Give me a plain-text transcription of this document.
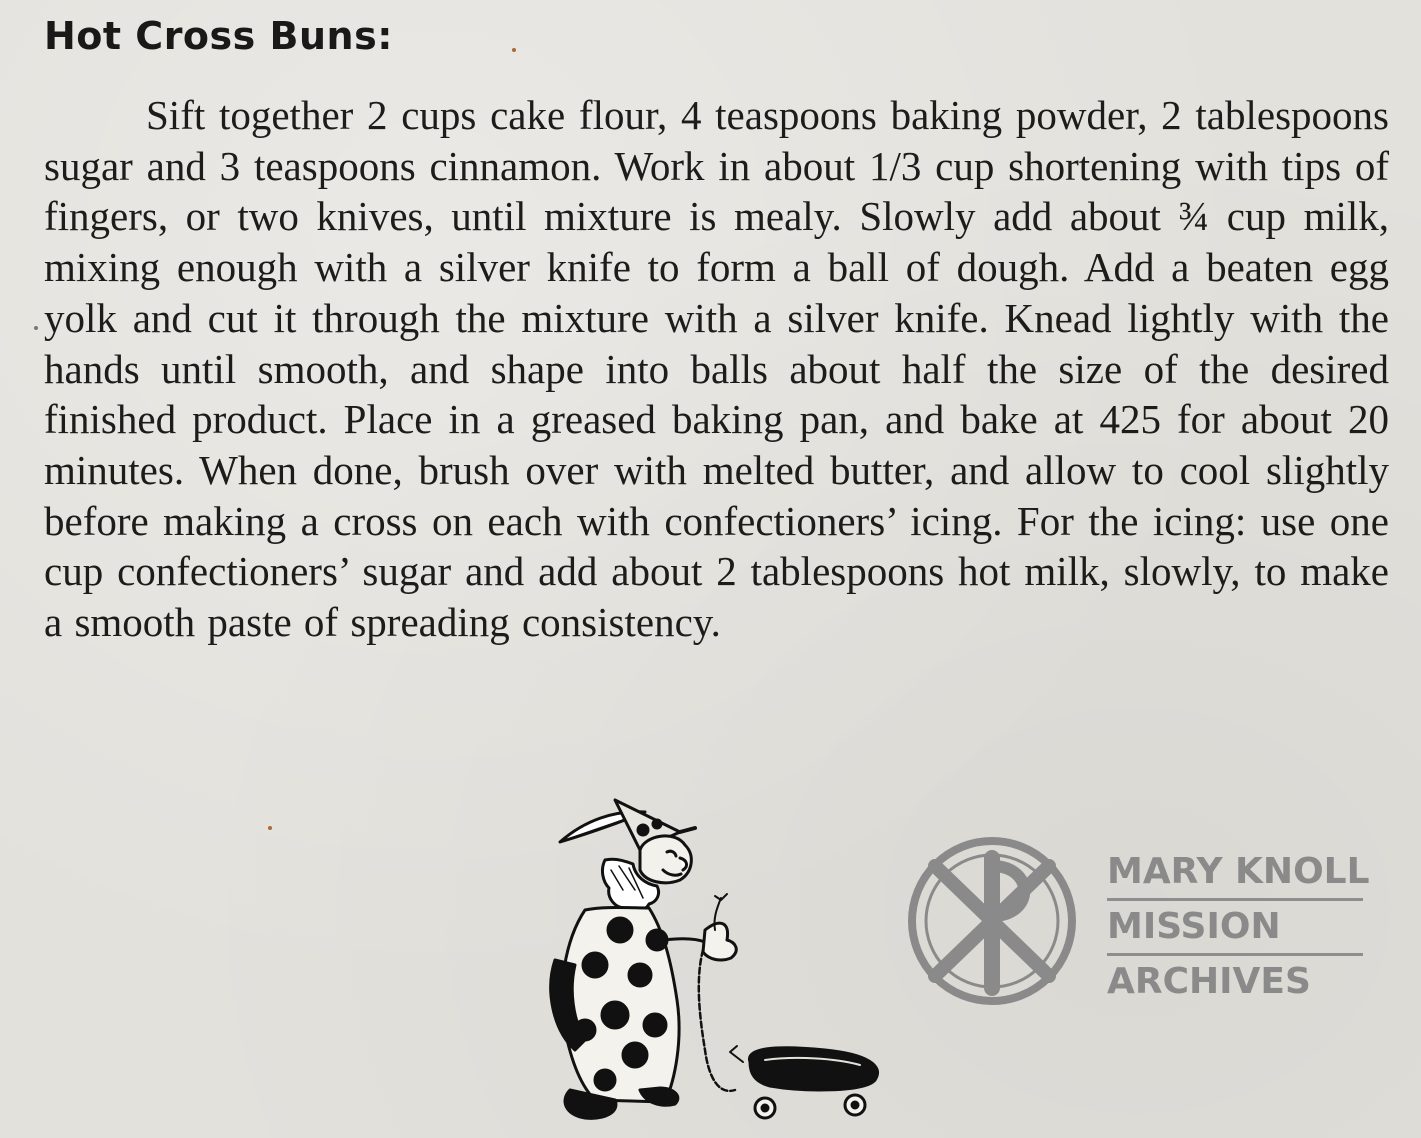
Hot Cross Buns:
Sift together 2 cups cake flour, 4 teaspoons baking powder, 2 tablespoons sugar and 3 teaspoons cinnamon. Work in about 1/3 cup shortening with tips of fingers, or two knives, until mixture is mealy. Slowly add about ¾ cup milk, mixing enough with a silver knife to form a ball of dough. Add a beaten egg yolk and cut it through the mixture with a silver knife. Knead lightly with the hands until smooth, and shape into balls about half the size of the desired finished product. Place in a greased baking pan, and bake at 425 for about 20 minutes. When done, brush over with melted butter, and allow to cool slightly before making a cross on each with confectioners’ icing. For the icing: use one cup confectioners’ sugar and add about 2 tablespoons hot milk, slowly, to make a smooth paste of spreading consistency.
MARY KNOLL
MISSION
ARCHIVES
